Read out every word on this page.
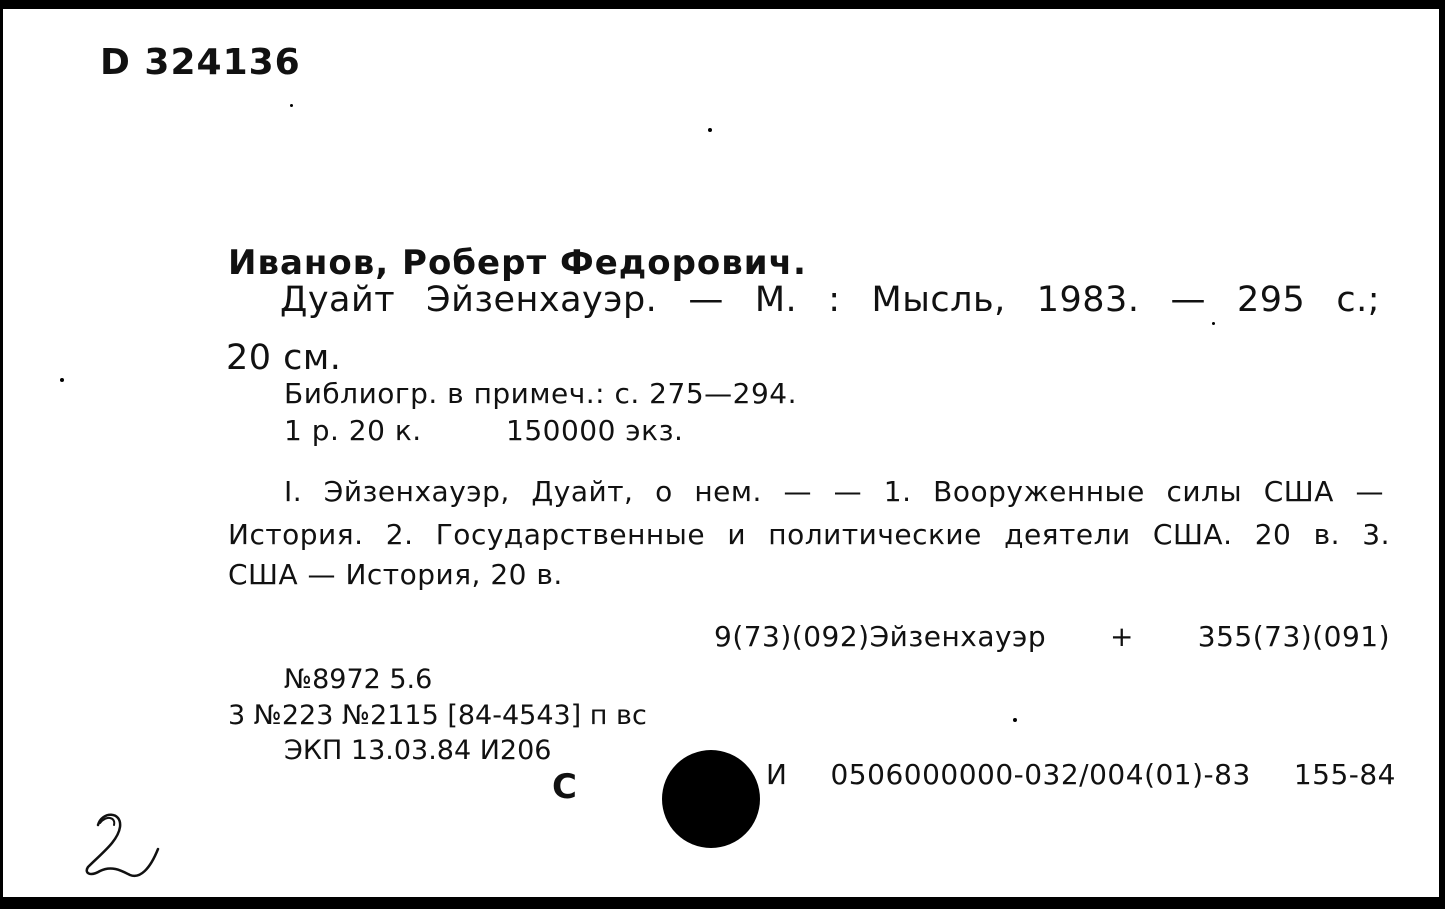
D 324136
Иванов, Роберт Федорович.
Дуайт Эйзенхауэр. — М. : Мысль, 1983. — 295 с.;
20 см.
Библиогр. в примеч.: с. 275—294.
1 р. 20 к.	150000 экз.
I. Эйзенхауэр, Дуайт, о нем. — — 1. Вооруженные силы США —
История. 2. Государственные и политические деятели США. 20 в. 3.
США — История, 20 в.
9(73)(092)Эйзенхауэр + 355(73)(091)
№8972 5.6
3 №223 №2115 [84-4543] п вс
ЭКП 13.03.84 И206
С	И 0506000000-032/004(01)-83 155-84
